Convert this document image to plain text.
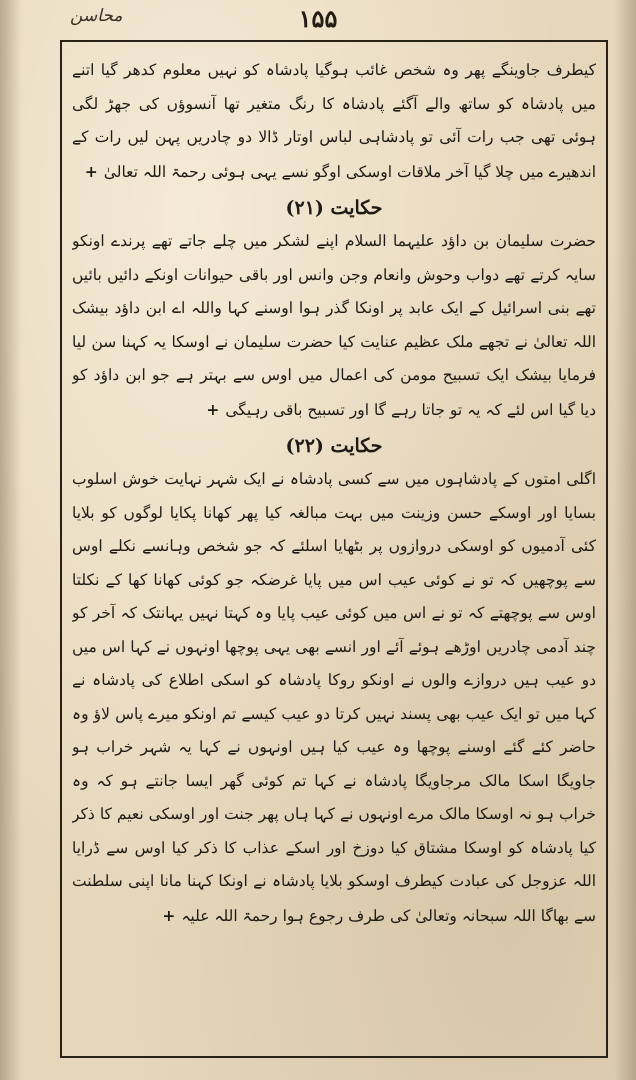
محاسن	۱۵۵

کیطرف جاوینگے پھر وہ شخص غائب ہوگیا پادشاہ کو نہیں معلوم کدھر گیا اتنے میں پادشاہ کو ساتھ والے آگئے پادشاہ کا رنگ متغیر تھا آنسوؤں کی جھڑ لگی ہوئی تھی جب رات آئی تو پادشاہی لباس اوتار ڈالا دو چادریں پہن لیں رات کے اندھیرے میں چلا گیا آخر ملاقات اوسکی اوگو نسے یہی ہوئی رحمۃ اللہ تعالیٰ+

حکایت (۲۱)

حضرت سلیمان بن داؤد علیہما السلام اپنے لشکر میں چلے جاتے تھے پرندے اونکو سایہ کرتے تھے دواب وحوش وانعام وجن وانس اور باقی حیوانات اونکے دائیں بائیں تھے بنی اسرائیل کے ایک عابد پر اونکا گذر ہوا اوسنے کہا واللہ اے ابن داؤد بیشک اللہ تعالیٰ نے تجھے ملک عظیم عنایت کیا حضرت سلیمان نے اوسکا یہ کہنا سن لیا فرمایا بیشک ایک تسبیح مومن کی اعمال میں اوس سے بہتر ہے جو ابن داؤد کو دیا گیا اس لئے کہ یہ تو جاتا رہے گا اور تسبیح باقی رہیگی+

حکایت (۲۲)

اگلی امتوں کے پادشاہوں میں سے کسی پادشاہ نے ایک شہر نہایت خوش اسلوب بسایا اور اوسکے حسن وزینت میں بہت مبالغہ کیا پھر کھانا پکایا لوگوں کو بلایا کئی آدمیوں کو اوسکی دروازوں پر بٹھایا اسلئے کہ جو شخص وہانسے نکلے اوس سے پوچھیں کہ تو نے کوئی عیب اس میں پایا غرضکہ جو کوئی کھانا کھا کے نکلتا اوس سے پوچھتے کہ تو نے اس میں کوئی عیب پایا وہ کہتا نہیں یہانتک کہ آخر کو چند آدمی چادریں اوڑھے ہوئے آئے اور انسے بھی یہی پوچھا اونہوں نے کہا اس میں دو عیب ہیں دروازے والوں نے اونکو روکا پادشاہ کو اسکی اطلاع کی پادشاہ نے کہا میں تو ایک عیب بھی پسند نہیں کرتا دو عیب کیسے تم اونکو میرے پاس لاؤ وہ حاضر کئے گئے اوسنے پوچھا وہ عیب کیا ہیں اونہوں نے کہا یہ شہر خراب ہو جاویگا اسکا مالک مرجاویگا پادشاہ نے کہا تم کوئی گھر ایسا جانتے ہو کہ وہ خراب ہو نہ اوسکا مالک مرے اونہوں نے کہا ہاں پھر جنت اور اوسکی نعیم کا ذکر کیا پادشاہ کو اوسکا مشتاق کیا دوزخ اور اسکے عذاب کا ذکر کیا اوس سے ڈرایا اللہ عزوجل کی عبادت کیطرف اوسکو بلایا پادشاہ نے اونکا کہنا مانا اپنی سلطنت سے بھاگا اللہ سبحانہ وتعالیٰ کی طرف رجوع ہوا رحمۃ اللہ علیہ+
